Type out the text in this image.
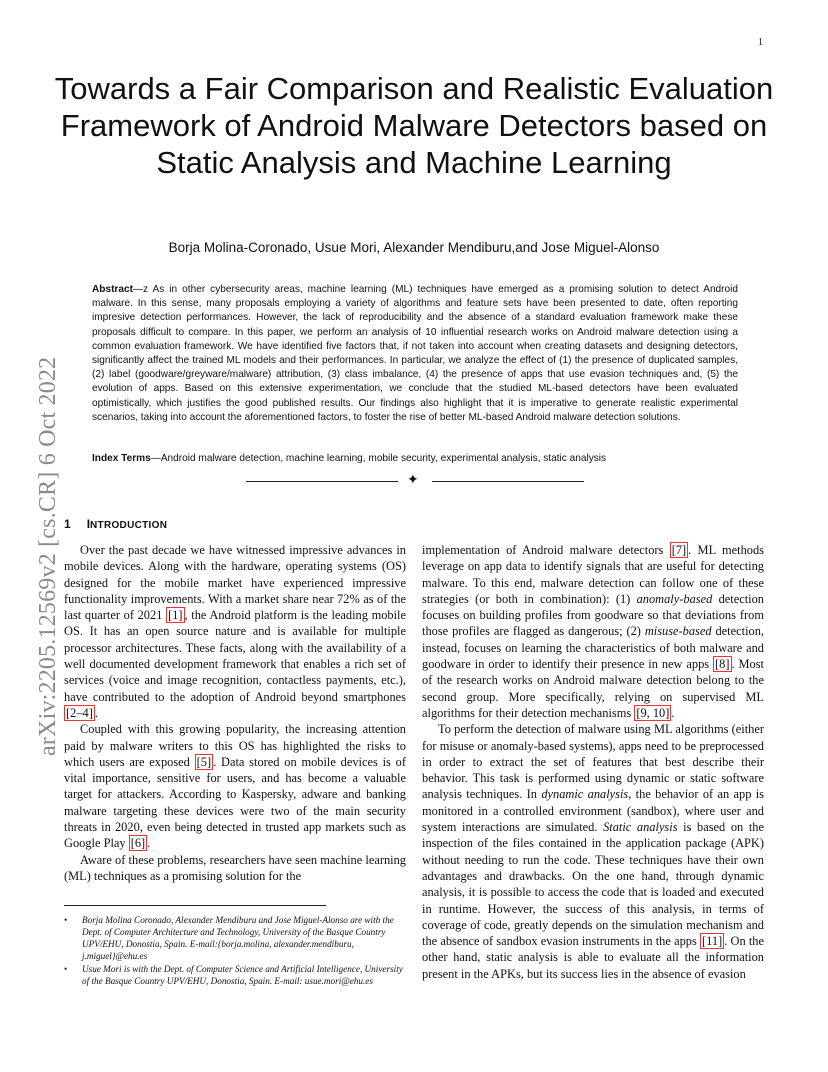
1
arXiv:2205.12569v2 [cs.CR] 6 Oct 2022
Towards a Fair Comparison and Realistic Evaluation Framework of Android Malware Detectors based on Static Analysis and Machine Learning
Borja Molina-Coronado, Usue Mori, Alexander Mendiburu,and Jose Miguel-Alonso

Abstract—z As in other cybersecurity areas, machine learning (ML) techniques have emerged as a promising solution to detect Android malware. In this sense, many proposals employing a variety of algorithms and feature sets have been presented to date, often reporting impresive detection performances. However, the lack of reproducibility and the absence of a standard evaluation framework make these proposals difficult to compare. In this paper, we perform an analysis of 10 influential research works on Android malware detection using a common evaluation framework. We have identified five factors that, if not taken into account when creating datasets and designing detectors, significantly affect the trained ML models and their performances. In particular, we analyze the effect of (1) the presence of duplicated samples, (2) label (goodware/greyware/malware) attribution, (3) class imbalance, (4) the presence of apps that use evasion techniques and, (5) the evolution of apps. Based on this extensive experimentation, we conclude that the studied ML-based detectors have been evaluated optimistically, which justifies the good published results. Our findings also highlight that it is imperative to generate realistic experimental scenarios, taking into account the aforementioned factors, to foster the rise of better ML-based Android malware detection solutions.

Index Terms—Android malware detection, machine learning, mobile security, experimental analysis, static analysis

✦
1 INTRODUCTION

Over the past decade we have witnessed impressive advances in mobile devices. Along with the hardware, operating systems (OS) designed for the mobile market have experienced impressive functionality improvements. With a market share near 72% as of the last quarter of 2021 [1] , the Android platform is the leading mobile OS. It has an open source nature and is available for multiple processor architectures. These facts, along with the availability of a well documented development framework that enables a rich set of services (voice and image recognition, contactless payments, etc.), have contributed to the adoption of Android beyond smartphones [2–4] .

Coupled with this growing popularity, the increasing attention paid by malware writers to this OS has highlighted the risks to which users are exposed [5] . Data stored on mobile devices is of vital importance, sensitive for users, and has become a valuable target for attackers. According to Kaspersky, adware and banking malware targeting these devices were two of the main security threats in 2020, even being detected in trusted app markets such as Google Play [6] .

Aware of these problems, researchers have seen machine learning (ML) techniques as a promising solution for the

• Borja Molina Coronado, Alexander Mendiburu and Jose Miguel-Alonso are with the Dept. of Computer Architecture and Technology, University of the Basque Country UPV/EHU, Donostia, Spain. E-mail:{borja.molina, alexander.mendiburu, j.miguel}@ehu.es
• Usue Mori is with the Dept. of Computer Science and Artificial Intelligence, University of the Basque Country UPV/EHU, Donostia, Spain. E-mail: usue.mori@ehu.es

implementation of Android malware detectors [7] . ML methods leverage on app data to identify signals that are useful for detecting malware. To this end, malware detection can follow one of these strategies (or both in combination): (1) anomaly-based detection focuses on building profiles from goodware so that deviations from those profiles are flagged as dangerous; (2) misuse-based detection, instead, focuses on learning the characteristics of both malware and goodware in order to identify their presence in new apps [8] . Most of the research works on Android malware detection belong to the second group. More specifically, relying on supervised ML algorithms for their detection mechanisms [9, 10] .

To perform the detection of malware using ML algorithms (either for misuse or anomaly-based systems), apps need to be preprocessed in order to extract the set of features that best describe their behavior. This task is performed using dynamic or static software analysis techniques. In dynamic analysis, the behavior of an app is monitored in a controlled environment (sandbox), where user and system interactions are simulated. Static analysis is based on the inspection of the files contained in the application package (APK) without needing to run the code. These techniques have their own advantages and drawbacks. On the one hand, through dynamic analysis, it is possible to access the code that is loaded and executed in runtime. However, the success of this analysis, in terms of coverage of code, greatly depends on the simulation mechanism and the absence of sandbox evasion instruments in the apps [11] . On the other hand, static analysis is able to evaluate all the information present in the APKs, but its success lies in the absence of evasion
